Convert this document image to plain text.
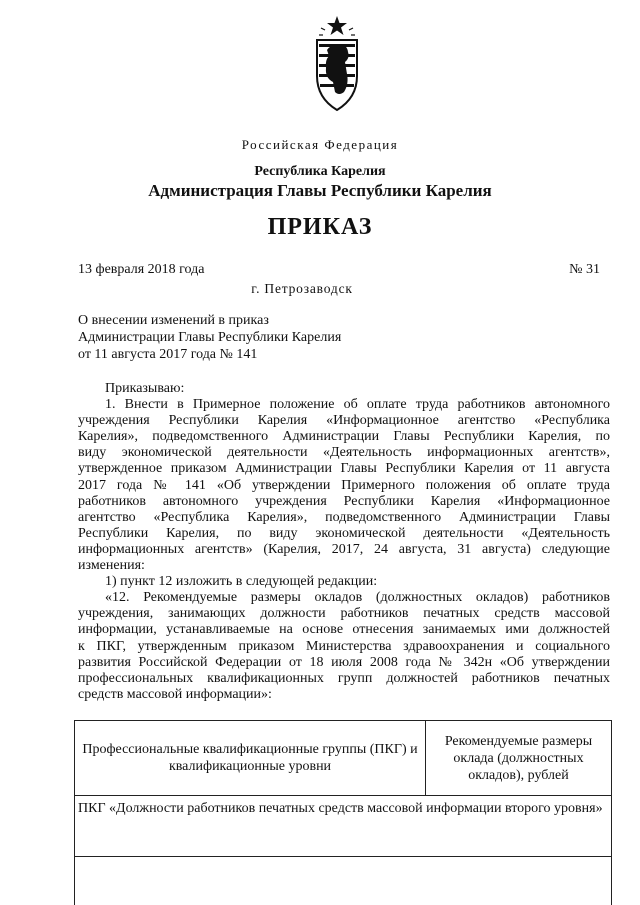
Российская Федерация
Республика Карелия
Администрация Главы Республики Карелия
ПРИКАЗ
13 февраля 2018 года	№ 31
г. Петрозаводск
О внесении изменений в приказ
Администрации Главы Республики Карелия
от 11 августа 2017 года № 141

Приказываю:

1. Внести в Примерное положение об оплате труда работников автономного
учреждения Республики Карелия «Информационное агентство «Республика
Карелия», подведомственного Администрации Главы Республики Карелия, по
виду экономической деятельности «Деятельность информационных агентств»,
утвержденное приказом Администрации Главы Республики Карелия от 11 августа
2017 года № 141 «Об утверждении Примерного положения об оплате труда
работников автономного учреждения Республики Карелия «Информационное
агентство «Республика Карелия», подведомственного Администрации Главы
Республики Карелия, по виду экономической деятельности «Деятельность
информационных агентств» (Карелия, 2017, 24 августа, 31 августа) следующие
изменения:

1) пункт 12 изложить в следующей редакции:

«12. Рекомендуемые размеры окладов (должностных окладов) работников
учреждения, занимающих должности работников печатных средств массовой
информации, устанавливаемые на основе отнесения занимаемых ими должностей
к ПКГ, утвержденным приказом Министерства здравоохранения и социального
развития Российской Федерации от 18 июля 2008 года № 342н «Об утверждении
профессиональных квалификационных групп должностей работников печатных
средств массовой информации»:
Профессиональные квалификационные группы (ПКГ) и квалификационные уровни	Рекомендуемые размеры оклада (должностных окладов), рублей
ПКГ «Должности работников печатных средств массовой информации второго уровня»
